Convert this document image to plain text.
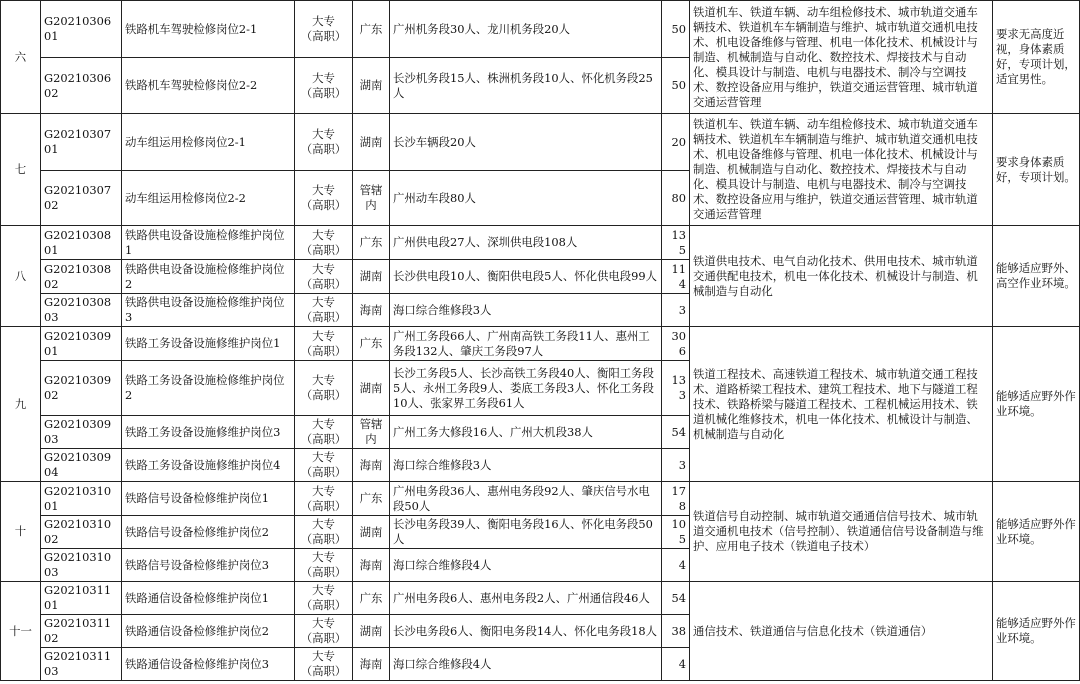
六	G2021030601	铁路机车驾驶检修岗位2-1	大专
（高职）	广东	广州机务段30人、龙川机务段20人	50	铁道机车、铁道车辆、动车组检修技术、城市轨道交通车辆技术、铁道机车车辆制造与维护、城市轨道交通机电技术、机电设备维修与管理、机电一体化技术、机械设计与制造、机械制造与自动化、数控技术、焊接技术与自动化、模具设计与制造、电机与电器技术、制冷与空调技术、数控设备应用与维护，铁道交通运营管理、城市轨道交通运营管理	要求无高度近视，身体素质好，专项计划，适宜男性。
	G2021030602	铁路机车驾驶检修岗位2-2	大专
（高职）	湖南	长沙机务段15人、株洲机务段10人、怀化机务段25人	50		
七	G2021030701	动车组运用检修岗位2-1	大专
（高职）	湖南	长沙车辆段20人	20	铁道机车、铁道车辆、动车组检修技术、城市轨道交通车辆技术、铁道机车车辆制造与维护、城市轨道交通机电技术、机电设备维修与管理、机电一体化技术、机械设计与制造、机械制造与自动化、数控技术、焊接技术与自动化、模具设计与制造、电机与电器技术、制冷与空调技术、数控设备应用与维护，铁道交通运营管理、城市轨道交通运营管理	要求身体素质好，专项计划。
	G2021030702	动车组运用检修岗位2-2	大专
（高职）	管辖内	广州动车段80人	80		
八	G2021030801	铁路供电设备设施检修维护岗位1	大专
（高职）	广东	广州供电段27人、深圳供电段108人	135	铁道供电技术、电气自动化技术、供用电技术、城市轨道交通供配电技术，机电一体化技术、机械设计与制造、机械制造与自动化	能够适应野外、高空作业环境。
	G2021030802	铁路供电设备设施检修维护岗位2	大专
（高职）	湖南	长沙供电段10人、衡阳供电段5人、怀化供电段99人	114		
	G2021030803	铁路供电设备设施检修维护岗位3	大专
（高职）	海南	海口综合维修段3人	3		
九	G2021030901	铁路工务设备设施修维护岗位1	大专
（高职）	广东	广州工务段66人、广州南高铁工务段11人、惠州工务段132人、肇庆工务段97人	306	铁道工程技术、高速铁道工程技术、城市轨道交通工程技术、道路桥梁工程技术、建筑工程技术、地下与隧道工程技术、铁路桥梁与隧道工程技术、工程机械运用技术、铁道机械化维修技术，机电一体化技术、机械设计与制造、机械制造与自动化	能够适应野外作业环境。
	G2021030902	铁路工务设备设施检修维护岗位2	大专
（高职）	湖南	长沙工务段5人、长沙高铁工务段40人、衡阳工务段5人、永州工务段9人、娄底工务段3人、怀化工务段10人、张家界工务段61人	133		
	G2021030903	铁路工务设备设施修维护岗位3	大专
（高职）	管辖内	广州工务大修段16人、广州大机段38人	54		
	G2021030904	铁路工务设备设施修维护岗位4	大专
（高职）	海南	海口综合维修段3人	3		
十	G2021031001	铁路信号设备检修维护岗位1	大专
（高职）	广东	广州电务段36人、惠州电务段92人、肇庆信号水电段50人	178	铁道信号自动控制、城市轨道交通通信信号技术、城市轨道交通机电技术（信号控制）、铁道通信信号设备制造与维护、应用电子技术（铁道电子技术）	能够适应野外作业环境。
	G2021031002	铁路信号设备检修维护岗位2	大专
（高职）	湖南	长沙电务段39人、衡阳电务段16人、怀化电务段50人	105		
	G2021031003	铁路信号设备检修维护岗位3	大专
（高职）	海南	海口综合维修段4人	4		
十一	G2021031101	铁路通信设备检修维护岗位1	大专
（高职）	广东	广州电务段6人、惠州电务段2人、广州通信段46人	54	通信技术、铁道通信与信息化技术（铁道通信）	能够适应野外作业环境。
	G2021031102	铁路通信设备检修维护岗位2	大专
（高职）	湖南	长沙电务段6人、衡阳电务段14人、怀化电务段18人	38		
	G2021031103	铁路通信设备检修维护岗位3	大专
（高职）	海南	海口综合维修段4人	4		
